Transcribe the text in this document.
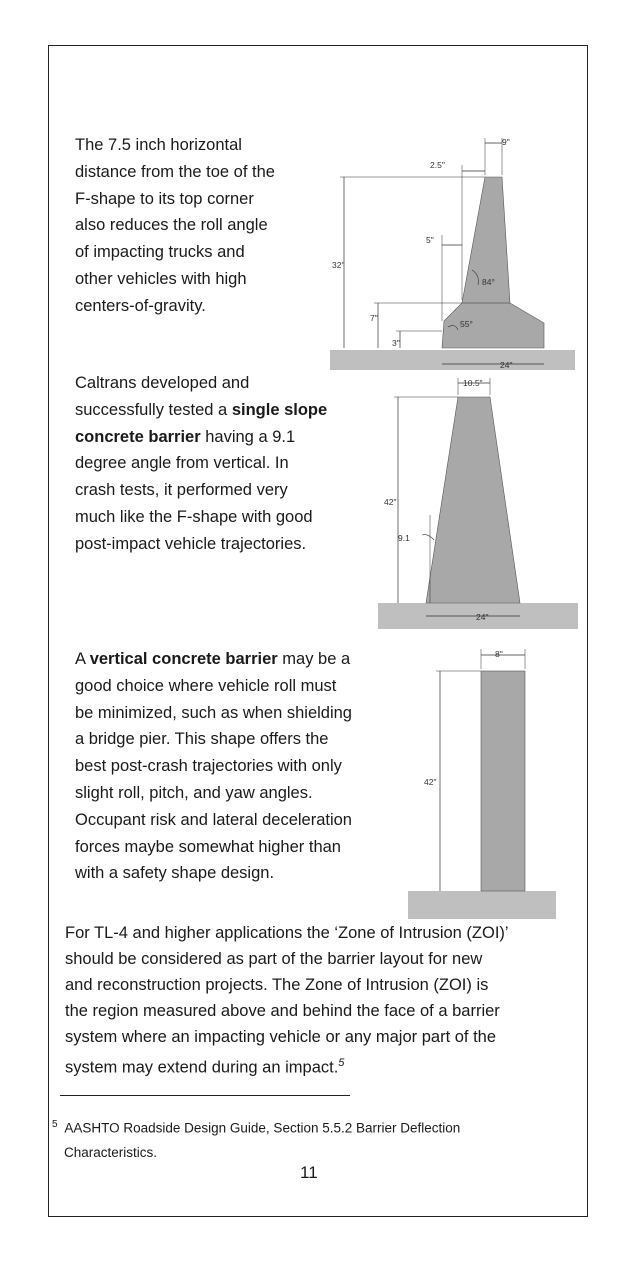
The 7.5 inch horizontal
distance from the toe of the
F-shape to its top corner
also reduces the roll angle
of impacting trucks and
other vehicles with high
centers-of-gravity.
9"
2.5"
32"
5"
84°
7"
55°
3"
24"
Caltrans developed and
successfully tested a single slope
concrete barrier having a 9.1
degree angle from vertical. In
crash tests, it performed very
much like the F-shape with good
post-impact vehicle trajectories.
10.5"
42"
9.1
24"
A vertical concrete barrier may be a
good choice where vehicle roll must
be minimized, such as when shielding
a bridge pier. This shape offers the
best post-crash trajectories with only
slight roll, pitch, and yaw angles.
Occupant risk and lateral deceleration
forces maybe somewhat higher than
with a safety shape design.
8"
42"
For TL-4 and higher applications the ‘Zone of Intrusion (ZOI)’
should be considered as part of the barrier layout for new
and reconstruction projects. The Zone of Intrusion (ZOI) is
the region measured above and behind the face of a barrier
system where an impacting vehicle or any major part of the
system may extend during an impact.$^5$
$^5$ AASHTO Roadside Design Guide, Section 5.5.2 Barrier Deflection
Characteristics.
11
